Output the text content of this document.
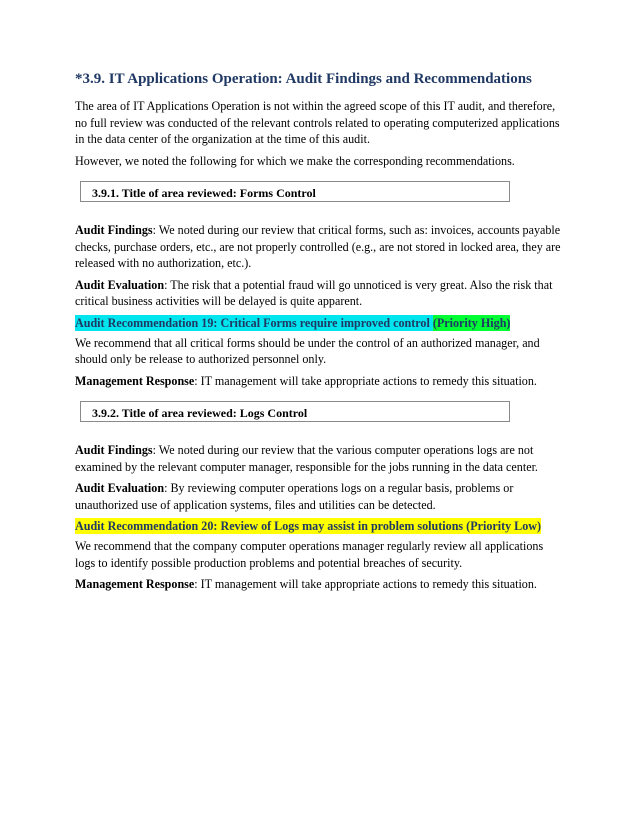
*3.9. IT Applications Operation: Audit Findings and Recommendations

The area of IT Applications Operation is not within the agreed scope of this IT audit, and therefore, no full review was conducted of the relevant controls related to operating computerized applications in the data center of the organization at the time of this audit.

However, we noted the following for which we make the corresponding recommendations.

3.9.1. Title of area reviewed: Forms Control

Audit Findings: We noted during our review that critical forms, such as: invoices, accounts payable checks, purchase orders, etc., are not properly controlled (e.g., are not stored in locked area, they are released with no authorization, etc.).

Audit Evaluation: The risk that a potential fraud will go unnoticed is very great. Also the risk that critical business activities will be delayed is quite apparent.

Audit Recommendation 19: Critical Forms require improved control (Priority High)

We recommend that all critical forms should be under the control of an authorized manager, and should only be release to authorized personnel only.

Management Response: IT management will take appropriate actions to remedy this situation.

3.9.2. Title of area reviewed: Logs Control

Audit Findings: We noted during our review that the various computer operations logs are not examined by the relevant computer manager, responsible for the jobs running in the data center.

Audit Evaluation: By reviewing computer operations logs on a regular basis, problems or unauthorized use of application systems, files and utilities can be detected.

Audit Recommendation 20: Review of Logs may assist in problem solutions (Priority Low)

We recommend that the company computer operations manager regularly review all applications logs to identify possible production problems and potential breaches of security.

Management Response: IT management will take appropriate actions to remedy this situation.
